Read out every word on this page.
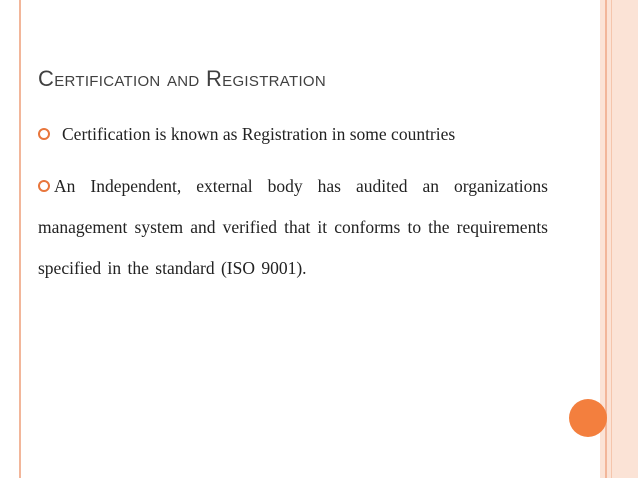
Certification and Registration
Certification is known as Registration in some countries
An Independent, external body has audited an organizations management system and verified that it conforms to the requirements specified in the standard (ISO 9001).
